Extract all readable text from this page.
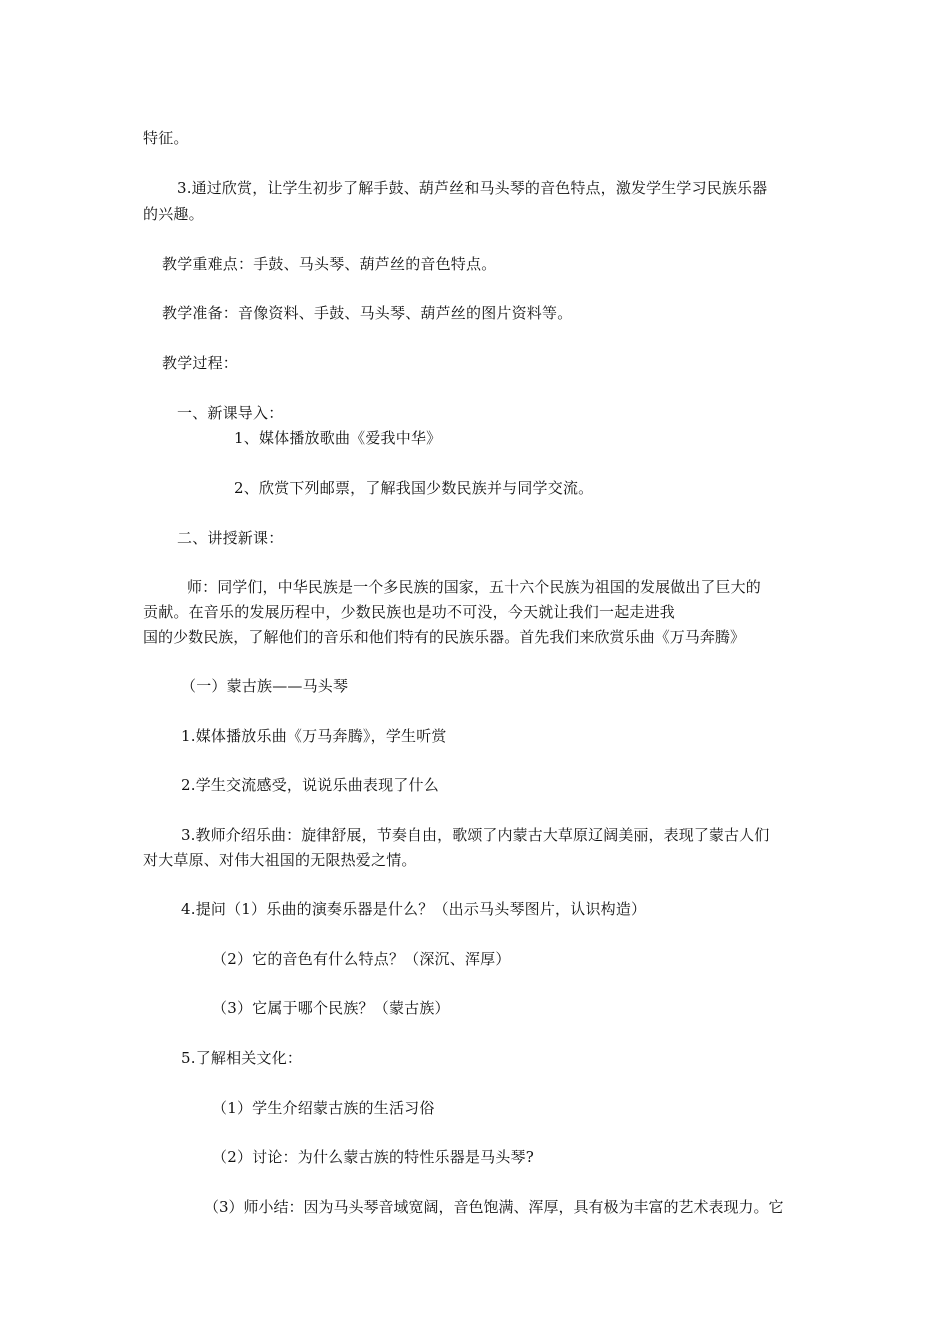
特征。
3.通过欣赏，让学生初步了解手鼓、葫芦丝和马头琴的音色特点，激发学生学习民族乐器
的兴趣。
教学重难点：手鼓、马头琴、葫芦丝的音色特点。
教学准备：音像资料、手鼓、马头琴、葫芦丝的图片资料等。
教学过程：
一、新课导入：
1、媒体播放歌曲《爱我中华》
2、欣赏下列邮票，了解我国少数民族并与同学交流。
二、讲授新课：
师：同学们，中华民族是一个多民族的国家，五十六个民族为祖国的发展做出了巨大的
贡献。在音乐的发展历程中，少数民族也是功不可没，今天就让我们一起走进我
国的少数民族，了解他们的音乐和他们特有的民族乐器。首先我们来欣赏乐曲《万马奔腾》
（一）蒙古族——马头琴
1.媒体播放乐曲《万马奔腾》，学生听赏
2.学生交流感受，说说乐曲表现了什么
3.教师介绍乐曲：旋律舒展，节奏自由，歌颂了内蒙古大草原辽阔美丽，表现了蒙古人们
对大草原、对伟大祖国的无限热爱之情。
4.提问（1）乐曲的演奏乐器是什么？（出示马头琴图片，认识构造）
（2）它的音色有什么特点？（深沉、浑厚）
（3）它属于哪个民族？（蒙古族）
5.了解相关文化：
（1）学生介绍蒙古族的生活习俗
（2）讨论：为什么蒙古族的特性乐器是马头琴?
（3）师小结：因为马头琴音域宽阔，音色饱满、浑厚，具有极为丰富的艺术表现力。它
